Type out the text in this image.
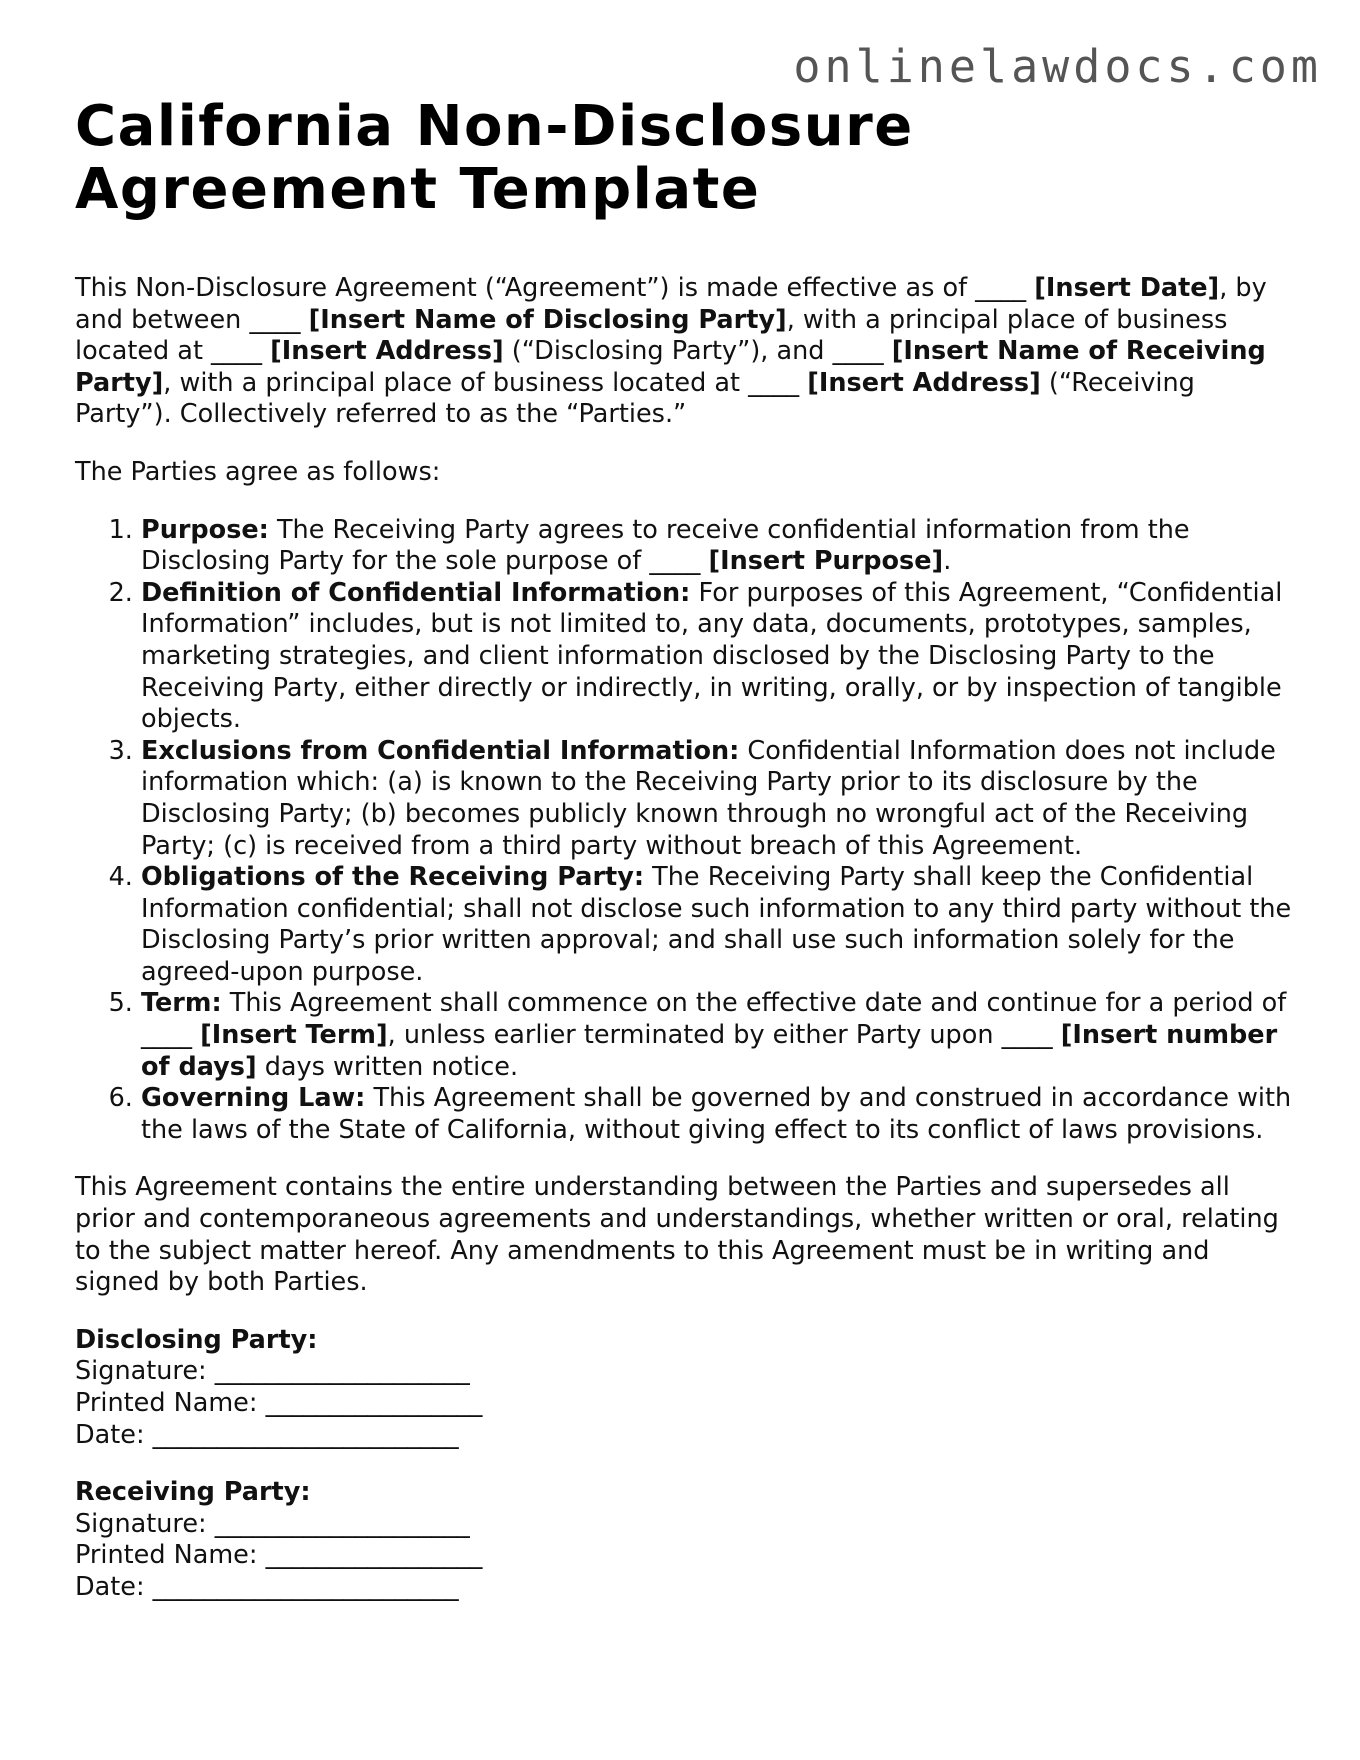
onlinelawdocs.com
California Non-Disclosure Agreement Template

This Non-Disclosure Agreement (“Agreement”) is made effective as of ____ [Insert Date], by and between ____ [Insert Name of Disclosing Party], with a principal place of business located at ____ [Insert Address] (“Disclosing Party”), and ____ [Insert Name of Receiving Party], with a principal place of business located at ____ [Insert Address] (“Receiving Party”). Collectively referred to as the “Parties.”

The Parties agree as follows:

1. Purpose: The Receiving Party agrees to receive confidential information from the Disclosing Party for the sole purpose of ____ [Insert Purpose].
2. Definition of Confidential Information: For purposes of this Agreement, “Confidential Information” includes, but is not limited to, any data, documents, prototypes, samples, marketing strategies, and client information disclosed by the Disclosing Party to the Receiving Party, either directly or indirectly, in writing, orally, or by inspection of tangible objects.
3. Exclusions from Confidential Information: Confidential Information does not include information which: (a) is known to the Receiving Party prior to its disclosure by the Disclosing Party; (b) becomes publicly known through no wrongful act of the Receiving Party; (c) is received from a third party without breach of this Agreement.
4. Obligations of the Receiving Party: The Receiving Party shall keep the Confidential Information confidential; shall not disclose such information to any third party without the Disclosing Party’s prior written approval; and shall use such information solely for the agreed-upon purpose.
5. Term: This Agreement shall commence on the effective date and continue for a period of ____ [Insert Term], unless earlier terminated by either Party upon ____ [Insert number of days] days written notice.
6. Governing Law: This Agreement shall be governed by and construed in accordance with the laws of the State of California, without giving effect to its conflict of laws provisions.

This Agreement contains the entire understanding between the Parties and supersedes all prior and contemporaneous agreements and understandings, whether written or oral, relating to the subject matter hereof. Any amendments to this Agreement must be in writing and signed by both Parties.

Disclosing Party:
Signature: ____________________
Printed Name: _________________
Date: ________________________
Receiving Party:
Signature: ____________________
Printed Name: _________________
Date: ________________________
